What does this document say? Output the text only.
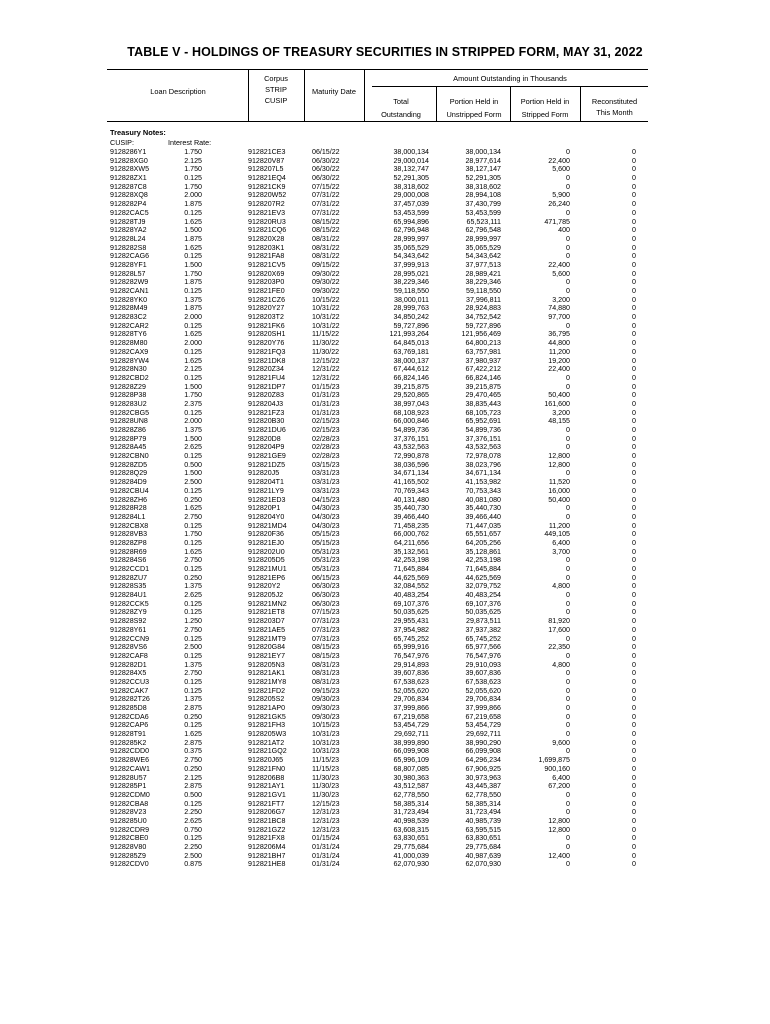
TABLE V - HOLDINGS OF TREASURY SECURITIES IN STRIPPED FORM, MAY 31, 2022
Loan Description
Corpus
STRIP
CUSIP
Maturity Date
Amount Outstanding in Thousands
Total
Outstanding
Portion Held in
Unstripped Form
Portion Held in
Stripped Form
Reconstituted
This Month
Treasury Notes:
CUSIP:	Interest Rate:
9128286Y1	1.750	912821CE3	06/15/22	38,000,134	38,000,134	0	0
912828XG0	2.125	912820V87	06/30/22	29,000,014	28,977,614	22,400	0
912828XW5	1.750	9128207L5	06/30/22	38,132,747	38,127,147	5,600	0
912828ZX1	0.125	912821EQ4	06/30/22	52,291,305	52,291,305	0	0
9128287C8	1.750	912821CK9	07/15/22	38,318,602	38,318,602	0	0
912828XQ8	2.000	912820W52	07/31/22	29,000,008	28,994,108	5,900	0
9128282P4	1.875	9128207R2	07/31/22	37,457,039	37,430,799	26,240	0
91282CAC5	0.125	912821EV3	07/31/22	53,453,599	53,453,599	0	0
912828TJ9	1.625	912820RU3	08/15/22	65,994,896	65,523,111	471,785	0
912828YA2	1.500	912821CQ6	08/15/22	62,796,948	62,796,548	400	0
912828L24	1.875	912820X28	08/31/22	28,999,997	28,999,997	0	0
9128282S8	1.625	9128203K1	08/31/22	35,065,529	35,065,529	0	0
91282CAG6	0.125	912821FA8	08/31/22	54,343,642	54,343,642	0	0
912828YF1	1.500	912821CV5	09/15/22	37,999,913	37,977,513	22,400	0
912828L57	1.750	912820X69	09/30/22	28,995,021	28,989,421	5,600	0
9128282W9	1.875	9128203P0	09/30/22	38,229,346	38,229,346	0	0
91282CAN1	0.125	912821FE0	09/30/22	59,118,550	59,118,550	0	0
912828YK0	1.375	912821CZ6	10/15/22	38,000,011	37,996,811	3,200	0
912828M49	1.875	912820Y27	10/31/22	28,999,763	28,924,883	74,880	0
9128283C2	2.000	9128203T2	10/31/22	34,850,242	34,752,542	97,700	0
91282CAR2	0.125	912821FK6	10/31/22	59,727,896	59,727,896	0	0
912828TY6	1.625	912820SH1	11/15/22	121,993,264	121,956,469	36,795	0
912828M80	2.000	912820Y76	11/30/22	64,845,013	64,800,213	44,800	0
91282CAX9	0.125	912821FQ3	11/30/22	63,769,181	63,757,981	11,200	0
912828YW4	1.625	912821DK8	12/15/22	38,000,137	37,980,937	19,200	0
912828N30	2.125	912820Z34	12/31/22	67,444,612	67,422,212	22,400	0
91282CBD2	0.125	912821FU4	12/31/22	66,824,146	66,824,146	0	0
912828Z29	1.500	912821DP7	01/15/23	39,215,875	39,215,875	0	0
912828P38	1.750	912820Z83	01/31/23	29,520,865	29,470,465	50,400	0
9128283U2	2.375	9128204J3	01/31/23	38,997,043	38,835,443	161,600	0
91282CBG5	0.125	912821FZ3	01/31/23	68,108,923	68,105,723	3,200	0
912828UN8	2.000	912820B30	02/15/23	66,000,846	65,952,691	48,155	0
912828Z86	1.375	912821DU6	02/15/23	54,899,736	54,899,736	0	0
912828P79	1.500	912820D8	02/28/23	37,376,151	37,376,151	0	0
912828A45	2.625	9128204P9	02/28/23	43,532,563	43,532,563	0	0
91282CBN0	0.125	912821GE9	02/28/23	72,990,878	72,978,078	12,800	0
912828ZD5	0.500	912821DZ5	03/15/23	38,036,596	38,023,796	12,800	0
912828Q29	1.500	912820J5	03/31/23	34,671,134	34,671,134	0	0
9128284D9	2.500	9128204T1	03/31/23	41,165,502	41,153,982	11,520	0
91282CBU4	0.125	912821LY9	03/31/23	70,769,343	70,753,343	16,000	0
912828ZH6	0.250	912821ED3	04/15/23	40,131,480	40,081,080	50,400	0
912828R28	1.625	912820P1	04/30/23	35,440,730	35,440,730	0	0
9128284L1	2.750	9128204Y0	04/30/23	39,466,440	39,466,440	0	0
91282CBX8	0.125	912821MD4	04/30/23	71,458,235	71,447,035	11,200	0
912828VB3	1.750	912820F36	05/15/23	66,000,762	65,551,657	449,105	0
912828ZP8	0.125	912821EJ0	05/15/23	64,211,656	64,205,256	6,400	0
912828R69	1.625	9128202U0	05/31/23	35,132,561	35,128,861	3,700	0
9128284S6	2.750	9128205D5	05/31/23	42,253,198	42,253,198	0	0
91282CCD1	0.125	912821MU1	05/31/23	71,645,884	71,645,884	0	0
912828ZU7	0.250	912821EP6	06/15/23	44,625,569	44,625,569	0	0
912828S35	1.375	912820Y2	06/30/23	32,084,552	32,079,752	4,800	0
9128284U1	2.625	9128205J2	06/30/23	40,483,254	40,483,254	0	0
91282CCK5	0.125	912821MN2	06/30/23	69,107,376	69,107,376	0	0
912828ZY9	0.125	912821ET8	07/15/23	50,035,625	50,035,625	0	0
912828S92	1.250	9128203D7	07/31/23	29,955,431	29,873,511	81,920	0
912828Y61	2.750	912821AE5	07/31/23	37,954,982	37,937,382	17,600	0
91282CCN9	0.125	912821MT9	07/31/23	65,745,252	65,745,252	0	0
912828VS6	2.500	912820G84	08/15/23	65,999,916	65,977,566	22,350	0
91282CAF8	0.125	912821EY7	08/15/23	76,547,976	76,547,976	0	0
9128282D1	1.375	9128205N3	08/31/23	29,914,893	29,910,093	4,800	0
9128284X5	2.750	912821AK1	08/31/23	39,607,836	39,607,836	0	0
91282CCU3	0.125	912821MY8	08/31/23	67,538,623	67,538,623	0	0
91282CAK7	0.125	912821FD2	09/15/23	52,055,620	52,055,620	0	0
9128282T26	1.375	9128205S2	09/30/23	29,706,834	29,706,834	0	0
9128285D8	2.875	912821AP0	09/30/23	37,999,866	37,999,866	0	0
91282CDA6	0.250	912821GK5	09/30/23	67,219,658	67,219,658	0	0
91282CAP6	0.125	912821FH3	10/15/23	53,454,729	53,454,729	0	0
912828T91	1.625	9128205W3	10/31/23	29,692,711	29,692,711	0	0
9128285K2	2.875	912821AT2	10/31/23	38,999,890	38,990,290	9,600	0
91282CDD0	0.375	912821GQ2	10/31/23	66,099,908	66,099,908	0	0
912828WE6	2.750	912820J65	11/15/23	65,996,109	64,296,234	1,699,875	0
91282CAW1	0.250	912821FN0	11/15/23	68,807,085	67,906,925	900,160	0
912828U57	2.125	9128206B8	11/30/23	30,980,363	30,973,963	6,400	0
9128285P1	2.875	912821AY1	11/30/23	43,512,587	43,445,387	67,200	0
91282CDM0	0.500	912821GV1	11/30/23	62,778,550	62,778,550	0	0
91282CBA8	0.125	912821FT7	12/15/23	58,385,314	58,385,314	0	0
912828V23	2.250	9128206G7	12/31/23	31,723,494	31,723,494	0	0
9128285U0	2.625	912821BC8	12/31/23	40,998,539	40,985,739	12,800	0
91282CDR9	0.750	912821GZ2	12/31/23	63,608,315	63,595,515	12,800	0
91282CBE0	0.125	912821FX8	01/15/24	63,830,651	63,830,651	0	0
912828V80	2.250	9128206M4	01/31/24	29,775,684	29,775,684	0	0
9128285Z9	2.500	912821BH7	01/31/24	41,000,039	40,987,639	12,400	0
91282CDV0	0.875	912821HE8	01/31/24	62,070,930	62,070,930	0	0
